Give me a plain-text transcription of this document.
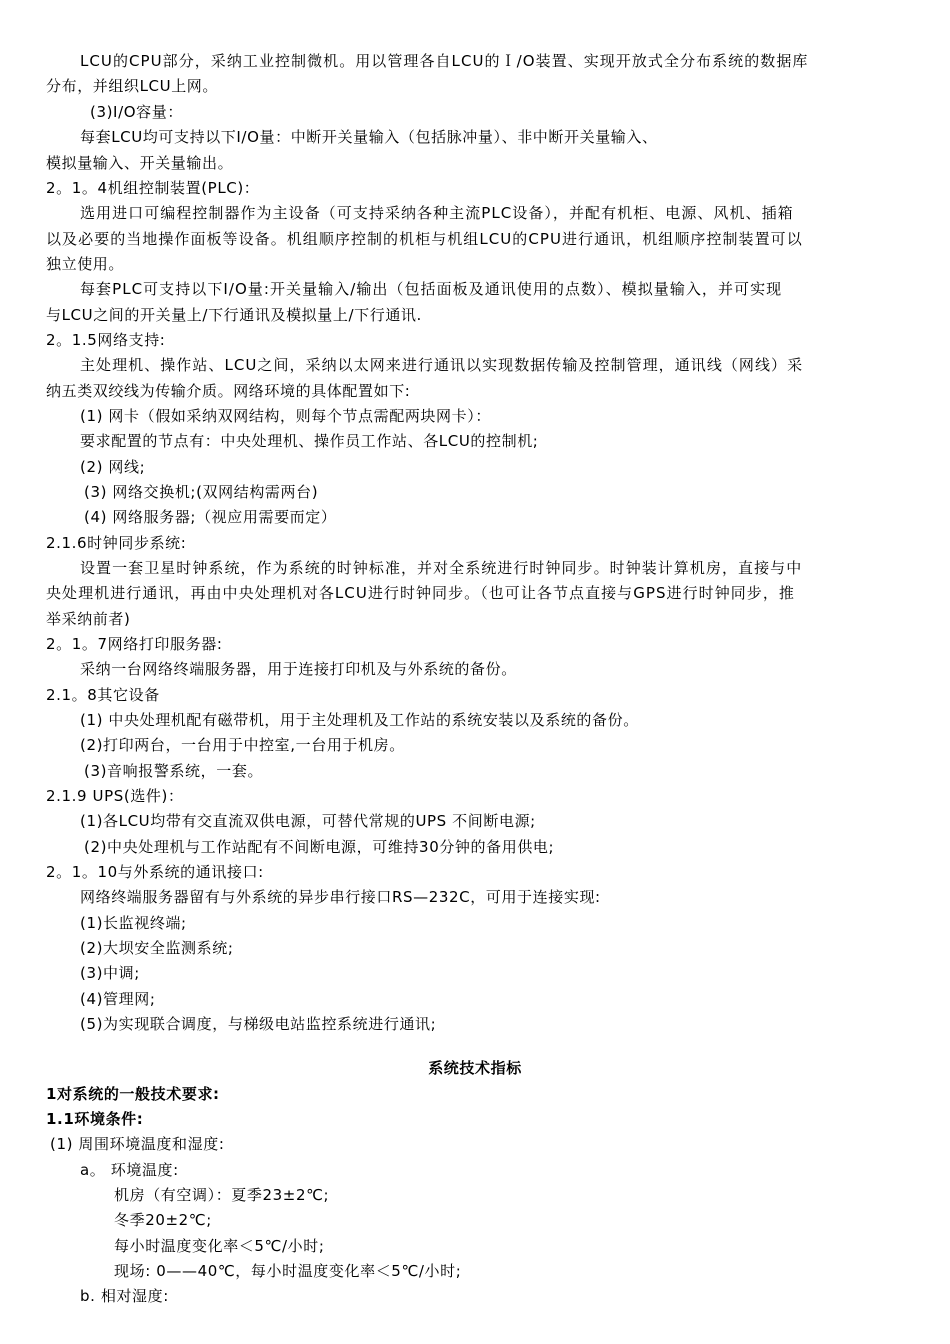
LCU的CPU部分，采纳工业控制微机。用以管理各自LCU的Ｉ/O装置、实现开放式全分布系统的数据库
分布，并组织LCU上网。
(3)I/O容量：
每套LCU均可支持以下I/O量：中断开关量输入（包括脉冲量）、非中断开关量输入、
模拟量输入、开关量输出。
2。1。4机组控制装置(PLC)：
选用进口可编程控制器作为主设备（可支持采纳各种主流PLC设备），并配有机柜、电源、风机、插箱
以及必要的当地操作面板等设备。机组顺序控制的机柜与机组LCU的CPU进行通讯，机组顺序控制装置可以
独立使用。
每套PLC可支持以下I/O量:开关量输入/输出（包括面板及通讯使用的点数）、模拟量输入，并可实现
与LCU之间的开关量上/下行通讯及模拟量上/下行通讯.
2。1.5网络支持:
主处理机、操作站、LCU之间，采纳以太网来进行通讯以实现数据传输及控制管理，通讯线（网线）采
纳五类双绞线为传输介质。网络环境的具体配置如下:
(1) 网卡（假如采纳双网结构，则每个节点需配两块网卡）：
要求配置的节点有：中央处理机、操作员工作站、各LCU的控制机;
(2) 网线;
(3) 网络交换机;(双网结构需两台)
(4) 网络服务器;（视应用需要而定）
2.1.6时钟同步系统:
设置一套卫星时钟系统，作为系统的时钟标准，并对全系统进行时钟同步。时钟装计算机房，直接与中
央处理机进行通讯，再由中央处理机对各LCU进行时钟同步。（也可让各节点直接与GPS进行时钟同步，推
举采纳前者)
2。1。7网络打印服务器:
采纳一台网络终端服务器，用于连接打印机及与外系统的备份。
2.1。8其它设备
(1) 中央处理机配有磁带机，用于主处理机及工作站的系统安装以及系统的备份。
(2)打印两台，一台用于中控室,一台用于机房。
(3)音响报警系统，一套。
2.1.9 UPS(选件)：
(1)各LCU均带有交直流双供电源，可替代常规的UPS 不间断电源;
(2)中央处理机与工作站配有不间断电源，可维持30分钟的备用供电;
2。1。10与外系统的通讯接口:
网络终端服务器留有与外系统的异步串行接口RS—232C，可用于连接实现:
(1)长监视终端;
(2)大坝安全监测系统;
(3)中调;
(4)管理网;
(5)为实现联合调度，与梯级电站监控系统进行通讯;
系统技术指标
1对系统的一般技术要求:
1.1环境条件:
(1) 周围环境温度和湿度:
a。 环境温度:
机房（有空调）：夏季23±2℃;
冬季20±2℃;
每小时温度变化率＜5℃/小时;
现场: 0——40℃，每小时温度变化率＜5℃/小时;
b. 相对湿度:
